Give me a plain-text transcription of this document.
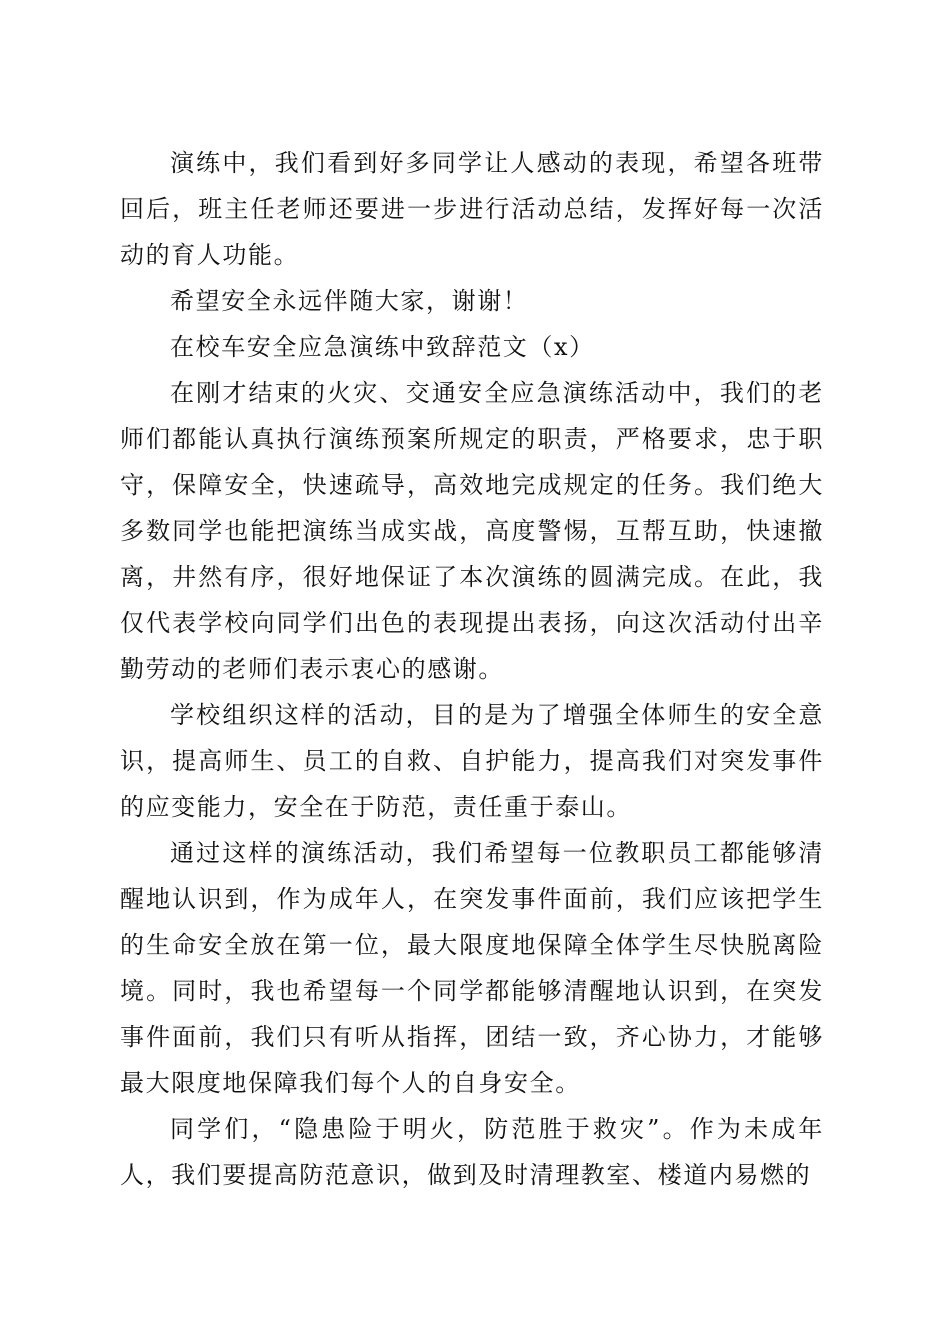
演练中，我们看到好多同学让人感动的表现，希望各班带回后，班主任老师还要进一步进行活动总结，发挥好每一次活动的育人功能。

希望安全永远伴随大家，谢谢！

在校车安全应急演练中致辞范文（x）

在刚才结束的火灾、交通安全应急演练活动中，我们的老师们都能认真执行演练预案所规定的职责，严格要求，忠于职守，保障安全，快速疏导，高效地完成规定的任务。我们绝大多数同学也能把演练当成实战，高度警惕，互帮互助，快速撤离，井然有序，很好地保证了本次演练的圆满完成。在此，我仅代表学校向同学们出色的表现提出表扬，向这次活动付出辛勤劳动的老师们表示衷心的感谢。

学校组织这样的活动，目的是为了增强全体师生的安全意识，提高师生、员工的自救、自护能力，提高我们对突发事件的应变能力，安全在于防范，责任重于泰山。

通过这样的演练活动，我们希望每一位教职员工都能够清醒地认识到，作为成年人，在突发事件面前，我们应该把学生的生命安全放在第一位，最大限度地保障全体学生尽快脱离险境。同时，我也希望每一个同学都能够清醒地认识到，在突发事件面前，我们只有听从指挥，团结一致，齐心协力，才能够最大限度地保障我们每个人的自身安全。

同学们，“隐患险于明火，防范胜于救灾”。作为未成年人，我们要提高防范意识，做到及时清理教室、楼道内易燃的
